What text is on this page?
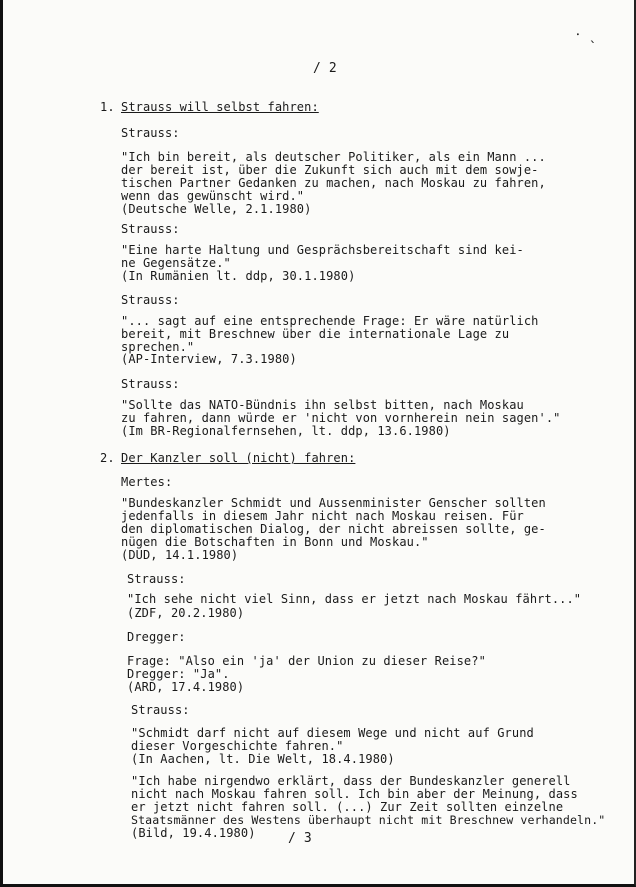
⸱ ˎ
/ 2
1. Strauss will selbst fahren:
Strauss:
"Ich bin bereit, als deutscher Politiker, als ein Mann ...
der bereit ist, über die Zukunft sich auch mit dem sowje-
tischen Partner Gedanken zu machen, nach Moskau zu fahren,
wenn das gewünscht wird."
(Deutsche Welle, 2.1.1980)
Strauss:
"Eine harte Haltung und Gesprächsbereitschaft sind kei-
ne Gegensätze."
(In Rumänien lt. ddp, 30.1.1980)
Strauss:
"... sagt auf eine entsprechende Frage: Er wäre natürlich
bereit, mit Breschnew über die internationale Lage zu
sprechen."
(AP-Interview, 7.3.1980)
Strauss:
"Sollte das NATO-Bündnis ihn selbst bitten, nach Moskau
zu fahren, dann würde er 'nicht von vornherein nein sagen'."
(Im BR-Regionalfernsehen, lt. ddp, 13.6.1980)
2. Der Kanzler soll (nicht) fahren:
Mertes:
"Bundeskanzler Schmidt und Aussenminister Genscher sollten
jedenfalls in diesem Jahr nicht nach Moskau reisen. Für
den diplomatischen Dialog, der nicht abreissen sollte, ge-
nügen die Botschaften in Bonn und Moskau."
(DUD, 14.1.1980)
Strauss:
"Ich sehe nicht viel Sinn, dass er jetzt nach Moskau fährt..."
(ZDF, 20.2.1980)
Dregger:
Frage: "Also ein 'ja' der Union zu dieser Reise?"
Dregger: "Ja".
(ARD, 17.4.1980)
Strauss:
"Schmidt darf nicht auf diesem Wege und nicht auf Grund
dieser Vorgeschichte fahren."
(In Aachen, lt. Die Welt, 18.4.1980)
"Ich habe nirgendwo erklärt, dass der Bundeskanzler generell
nicht nach Moskau fahren soll. Ich bin aber der Meinung, dass
er jetzt nicht fahren soll. (...) Zur Zeit sollten einzelne
Staatsmänner des Westens überhaupt nicht mit Breschnew verhandeln."
(Bild, 19.4.1980) / 3
